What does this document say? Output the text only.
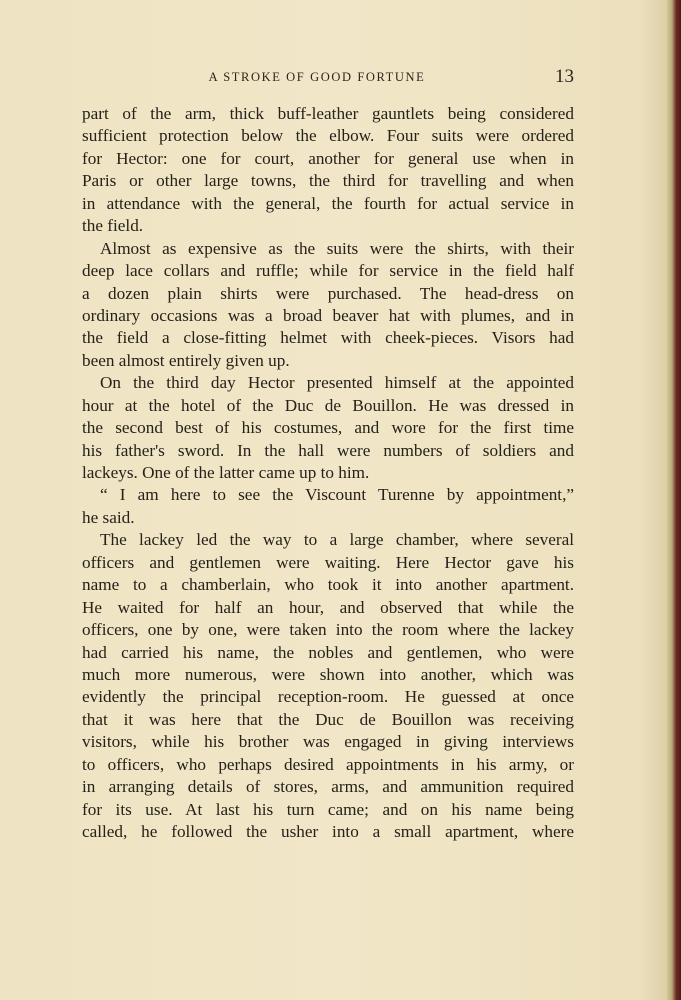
A STROKE OF GOOD FORTUNE	13
part of the arm, thick buff-leather gauntlets being considered
sufficient protection below the elbow. Four suits were ordered
for Hector: one for court, another for general use when in
Paris or other large towns, the third for travelling and when
in attendance with the general, the fourth for actual service in
the field.
Almost as expensive as the suits were the shirts, with their
deep lace collars and ruffle; while for service in the field half
a dozen plain shirts were purchased. The head-dress on
ordinary occasions was a broad beaver hat with plumes, and in
the field a close-fitting helmet with cheek-pieces. Visors had
been almost entirely given up.
On the third day Hector presented himself at the appointed
hour at the hotel of the Duc de Bouillon. He was dressed in
the second best of his costumes, and wore for the first time
his father's sword. In the hall were numbers of soldiers and
lackeys. One of the latter came up to him.
“ I am here to see the Viscount Turenne by appointment,”
he said.
The lackey led the way to a large chamber, where several
officers and gentlemen were waiting. Here Hector gave his
name to a chamberlain, who took it into another apartment.
He waited for half an hour, and observed that while the
officers, one by one, were taken into the room where the lackey
had carried his name, the nobles and gentlemen, who were
much more numerous, were shown into another, which was
evidently the principal reception-room. He guessed at once
that it was here that the Duc de Bouillon was receiving
visitors, while his brother was engaged in giving interviews
to officers, who perhaps desired appointments in his army, or
in arranging details of stores, arms, and ammunition required
for its use. At last his turn came; and on his name being
called, he followed the usher into a small apartment, where
